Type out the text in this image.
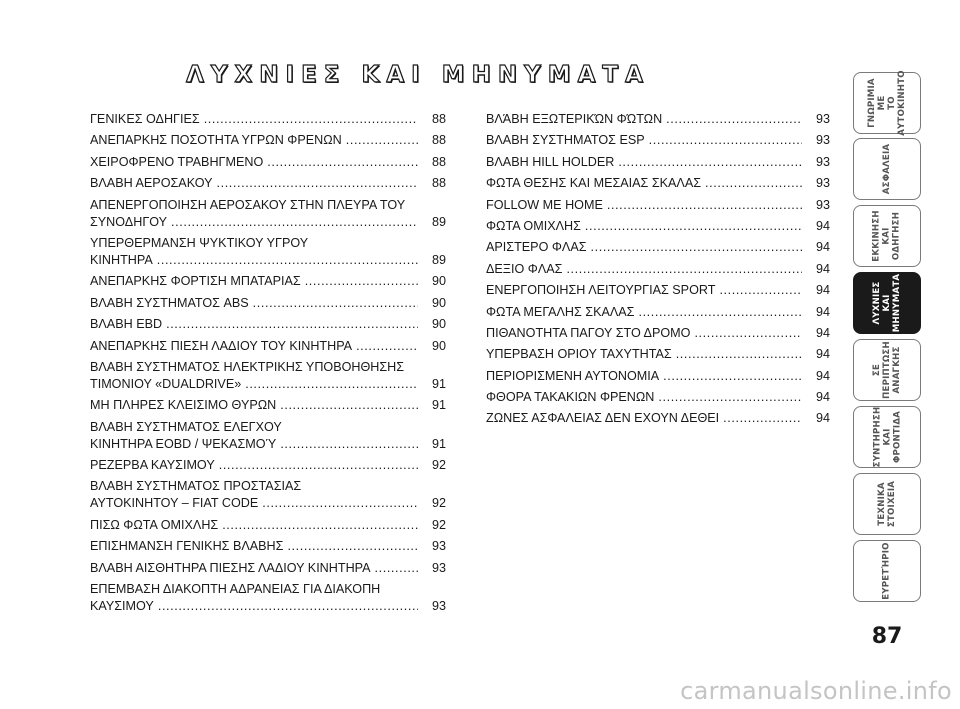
ΛΥΧΝΙΕΣ ΚΑΙ ΜΗΝΥΜΑΤΑ
ΓΕΝΙΚΕΣ ΟΔΗΓΙΕΣ .....	88
ΑΝΕΠΑΡΚΗΣ ΠΟΣΟΤΗΤΑ ΥΓΡΩΝ ΦΡΕΝΩΝ .....	88
ΧΕΙΡΟΦΡΕΝΟ ΤΡΑΒΗΓΜΕΝΟ .....	88
ΒΛΑΒΗ ΑΕΡΟΣΑΚΟΥ .....	88
ΑΠΕΝΕΡΓΟΠΟΙΗΣΗ ΑΕΡΟΣΑΚΟΥ ΣΤΗΝ ΠΛΕΥΡΑ ΤΟΥ
ΣΥΝΟΔΗΓΟΥ .....	89
ΥΠΕΡΘΕΡΜΑΝΣΗ ΨΥΚΤΙΚΟΥ ΥΓΡΟΥ
ΚΙΝΗΤΗΡΑ .....	89
ΑΝΕΠΑΡΚΗΣ ΦΟΡΤΙΣΗ ΜΠΑΤΑΡΙΑΣ .....	90
ΒΛΑΒΗ ΣΥΣΤΗΜΑΤΟΣ ABS .....	90
ΒΛΑΒΗ EBD .....	90
ΑΝΕΠΑΡΚΗΣ ΠΙΕΣΗ ΛΑΔΙΟΥ ΤΟΥ ΚΙΝΗΤΗΡΑ .....	90
ΒΛΑΒΗ ΣΥΣΤΗΜΑΤΟΣ ΗΛΕΚΤΡΙΚΗΣ ΥΠΟΒΟΗΘΗΣΗΣ
ΤΙΜΟΝΙΟΥ «DUALDRIVE» .....	91
ΜΗ ΠΛΗΡΕΣ ΚΛΕΙΣΙΜΟ ΘΥΡΩΝ .....	91
ΒΛΑΒΗ ΣΥΣΤΗΜΑΤΟΣ ΕΛΕΓΧΟΥ
ΚΙΝΗΤΗΡΑ EOBD / ΨΕΚΑΣΜΟΎ .....	91
ΡΕΖΕΡΒΑ ΚΑΥΣΙΜΟΥ .....	92
ΒΛΑΒΗ ΣΥΣΤΗΜΑΤΟΣ ΠΡΟΣΤΑΣΙΑΣ
ΑΥΤΟΚΙΝΗΤΟΥ – FIAT CODE .....	92
ΠΙΣΩ ΦΩΤΑ ΟΜΙΧΛΗΣ .....	92
ΕΠΙΣΗΜΑΝΣΗ ΓΕΝΙΚΗΣ ΒΛΑΒΗΣ .....	93
ΒΛΑΒΗ ΑΙΣΘΗΤΗΡΑ ΠΙΕΣΗΣ ΛΑΔΙΟΥ ΚΙΝΗΤΗΡΑ .....	93
ΕΠΕΜΒΑΣΗ ΔΙΑΚΟΠΤΗ ΑΔΡΑΝΕΙΑΣ ΓΙΑ ΔΙΑΚΟΠΗ
ΚΑΥΣΙΜΟΥ .....	93
ΒΛΆΒΗ ΕΞΩΤΕΡΙΚΏΝ ΦΏΤΩΝ .....	93
ΒΛΑΒΗ ΣΥΣΤΗΜΑΤΟΣ ESP .....	93
ΒΛΑΒΗ HILL HOLDER .....	93
ΦΩΤΑ ΘΕΣΗΣ ΚΑΙ ΜΕΣΑΙΑΣ ΣΚΑΛΑΣ .....	93
FOLLOW ME HOME .....	93
ΦΩΤΑ ΟΜΙΧΛΗΣ .....	94
ΑΡΙΣΤΕΡΟ ΦΛΑΣ .....	94
ΔΕΞΙΟ ΦΛΑΣ .....	94
ΕΝΕΡΓΟΠΟΙΗΣΗ ΛΕΙΤΟΥΡΓΙΑΣ SPORT .....	94
ΦΩΤΑ ΜΕΓΑΛΗΣ ΣΚΑΛΑΣ .....	94
ΠΙΘΑΝΟΤΗΤΑ ΠΑΓΟΥ ΣΤΟ ΔΡΟΜΟ .....	94
ΥΠΕΡΒΑΣΗ ΟΡΙΟΥ ΤΑΧΥΤΗΤΑΣ .....	94
ΠΕΡΙΟΡΙΣΜΕΝΗ ΑΥΤΟΝΟΜΙΑ .....	94
ΦΘΟΡΑ ΤΑΚΑΚΙΩΝ ΦΡΕΝΩΝ .....	94
ΖΩΝΕΣ ΑΣΦΑΛΕΙΑΣ ΔΕΝ ΕΧΟΥΝ ΔΕΘΕΙ .....	94
ΓΝΩΡΙΜΙΑ ΜΕ
ΤΟ
ΑΥΤΟΚΙΝΗΤΟ
ΑΣΦΑΛΕΙΑ
ΕΚΚΙΝΗΣΗ
ΚΑΙ
ΟΔΗΓΗΣΗ
ΛΥΧΝΙΕΣ
ΚΑΙ
ΜΗΝΥΜΑΤΑ
ΣΕ
ΠΕΡΙΠΤΩΣΗ
ΑΝΑΓΚΗΣ
ΣΥΝΤΗΡΗΣΗ
ΚΑΙ
ΦΡΟΝΤΙΔΑ
ΤΕΧΝΙΚΑ
ΣΤΟΙΧΕΙΑ
ΕΥΡΕΤΉΡΙΟ
87
carmanualsonline.info
